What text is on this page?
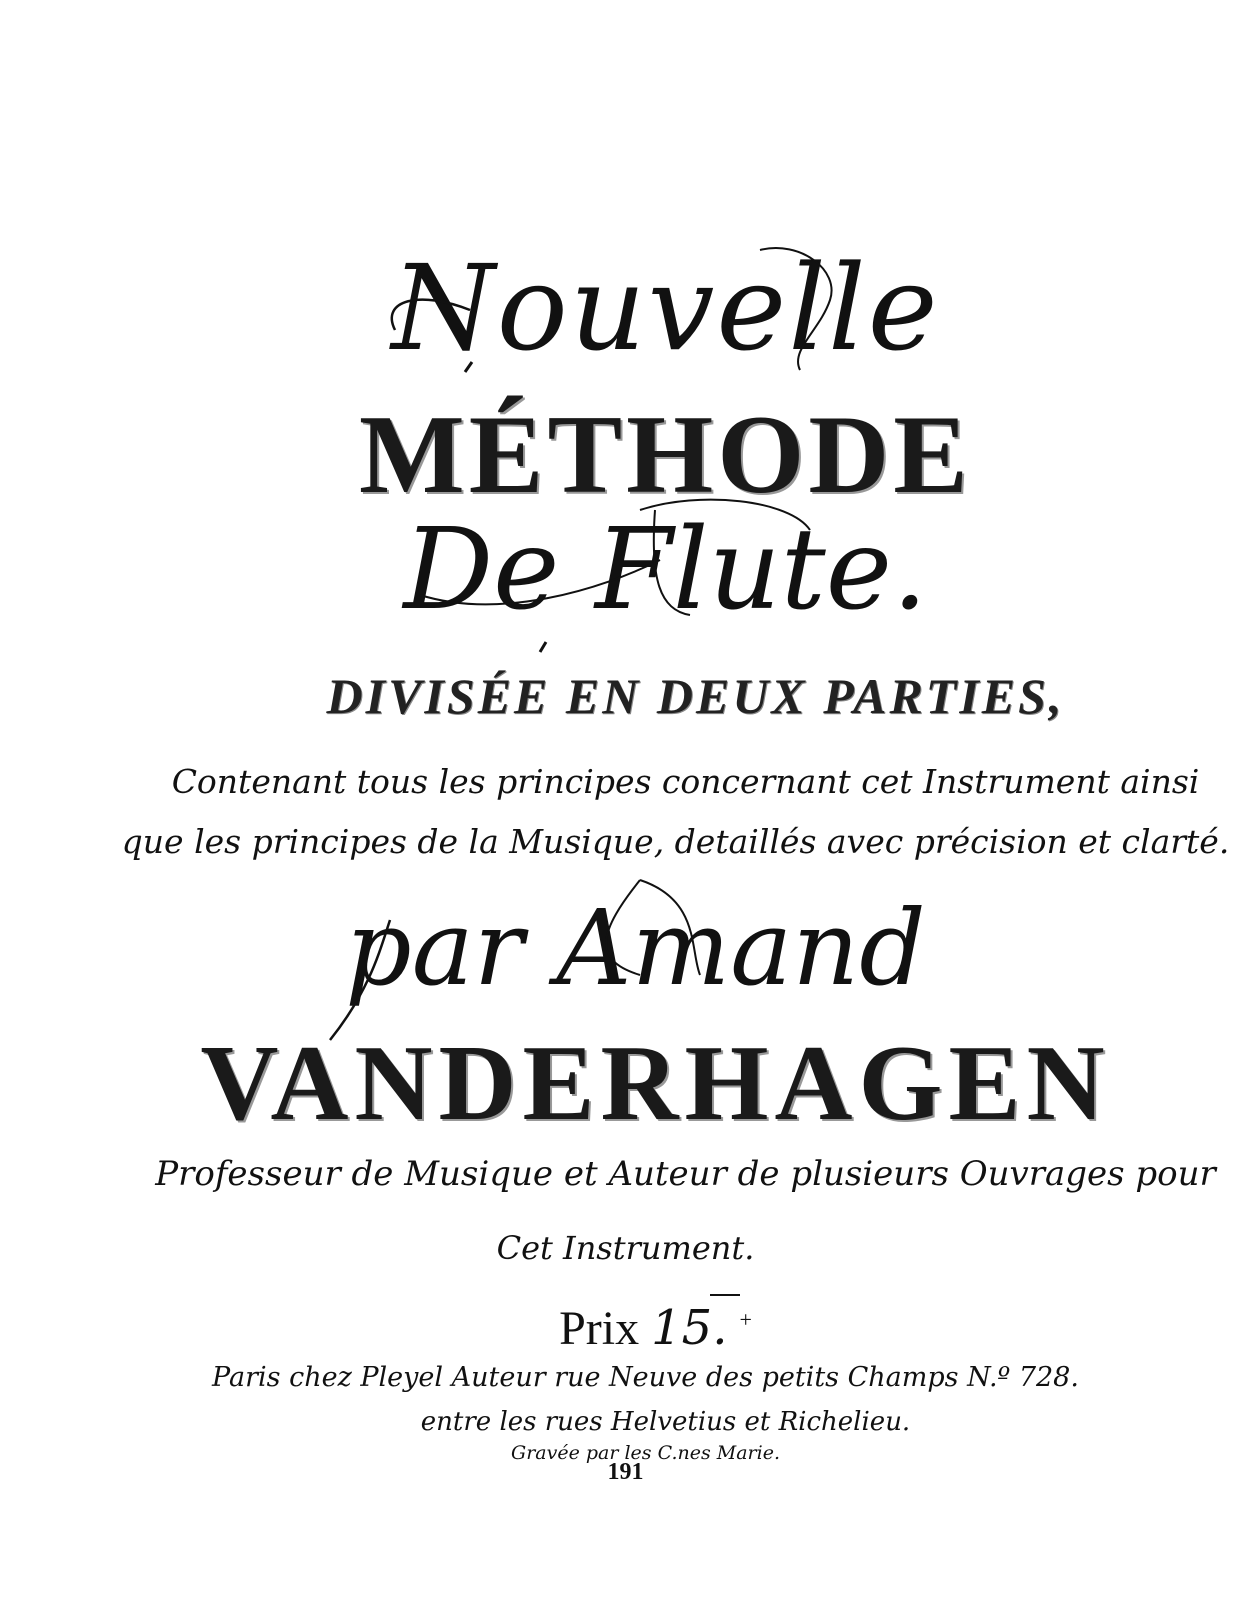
Nouvelle
MÉTHODE
De Flute.
DIVISÉE EN DEUX PARTIES,
Contenant tous les principes concernant cet Instrument ainsi
que les principes de la Musique, detaillés avec précision et clarté.
par Amand
VANDERHAGEN
Professeur de Musique et Auteur de plusieurs Ouvrages pour
Cet Instrument.
Prix 15. +
Paris chez Pleyel Auteur rue Neuve des petits Champs N.º 728.
entre les rues Helvetius et Richelieu.
Gravée par les C.nes Marie.
191
